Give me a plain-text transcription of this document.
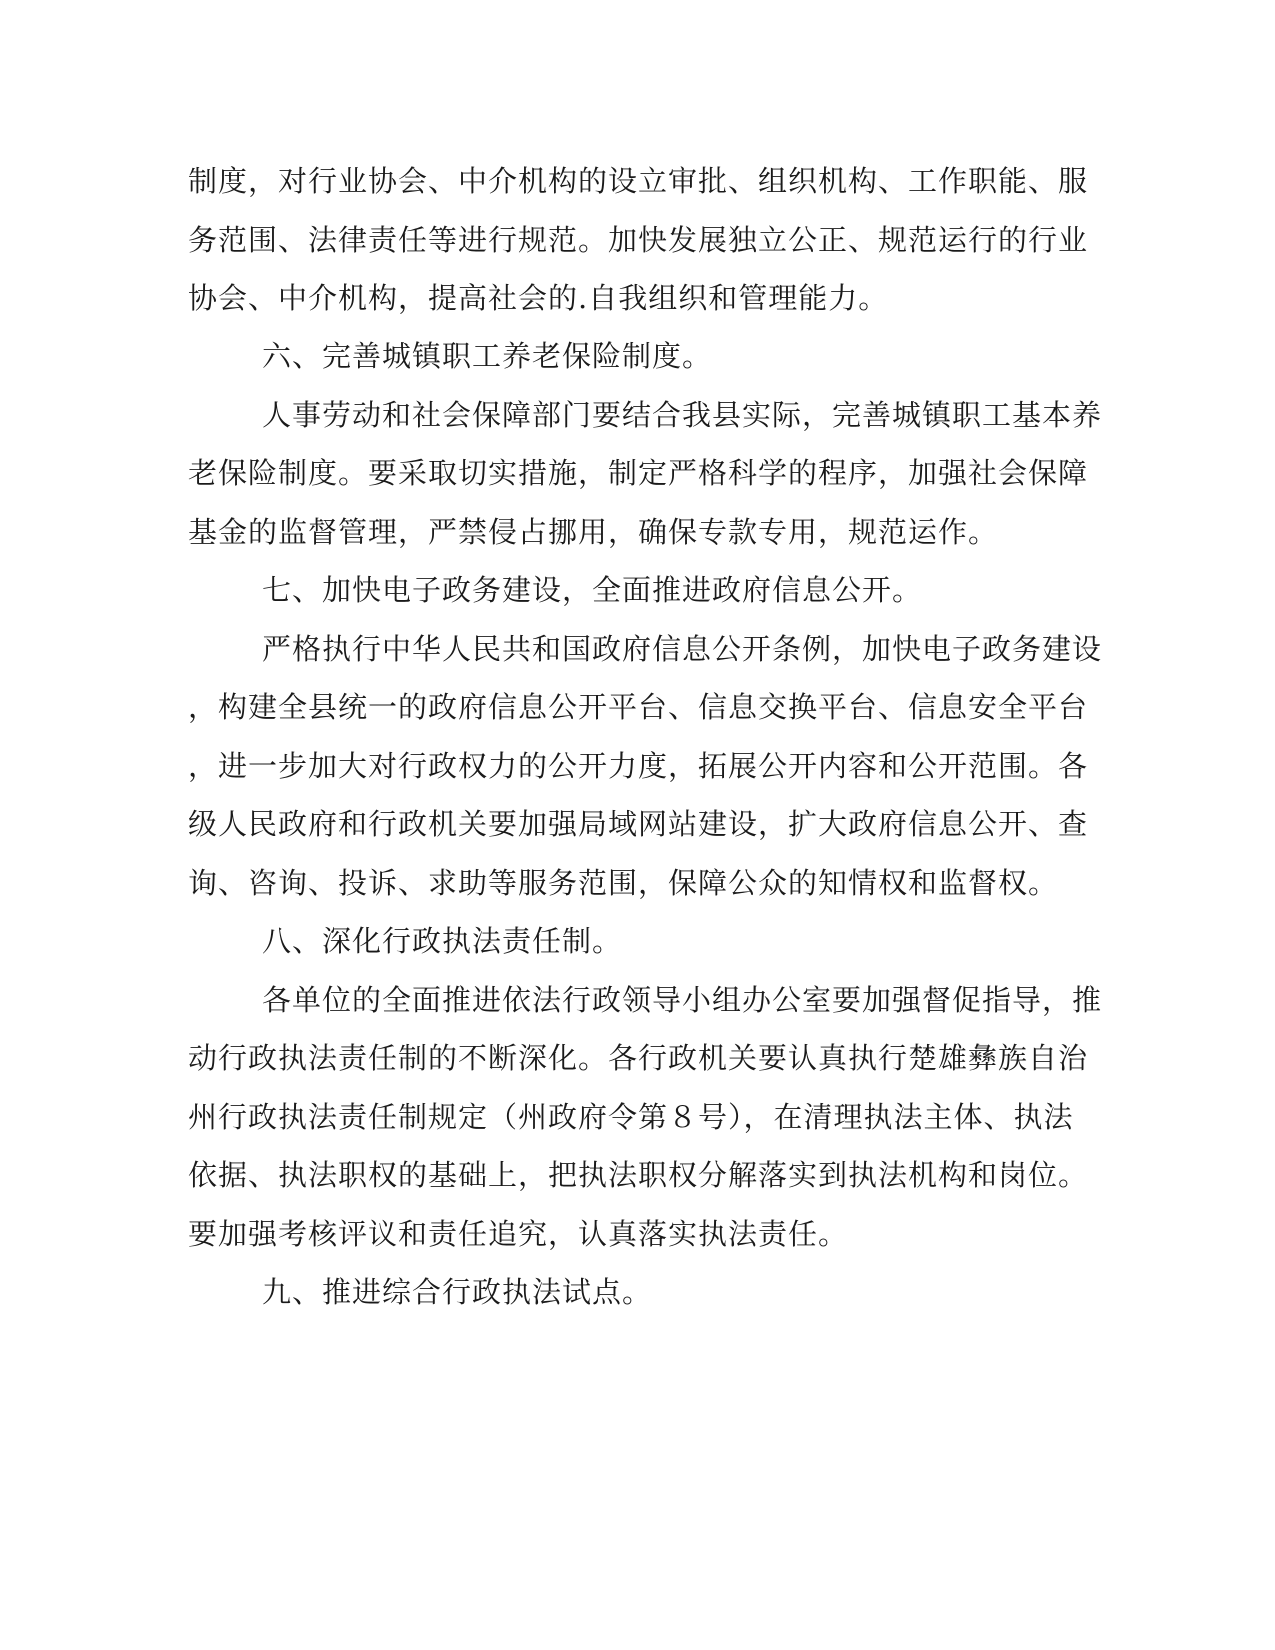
制度，对行业协会、中介机构的设立审批、组织机构、工作职能、服
务范围、法律责任等进行规范。加快发展独立公正、规范运行的行业
协会、中介机构，提高社会的.自我组织和管理能力。
六、完善城镇职工养老保险制度。
人事劳动和社会保障部门要结合我县实际，完善城镇职工基本养
老保险制度。要采取切实措施，制定严格科学的程序，加强社会保障
基金的监督管理，严禁侵占挪用，确保专款专用，规范运作。
七、加快电子政务建设，全面推进政府信息公开。
严格执行中华人民共和国政府信息公开条例，加快电子政务建设
，构建全县统一的政府信息公开平台、信息交换平台、信息安全平台
，进一步加大对行政权力的公开力度，拓展公开内容和公开范围。各
级人民政府和行政机关要加强局域网站建设，扩大政府信息公开、查
询、咨询、投诉、求助等服务范围，保障公众的知情权和监督权。
八、深化行政执法责任制。
各单位的全面推进依法行政领导小组办公室要加强督促指导，推
动行政执法责任制的不断深化。各行政机关要认真执行楚雄彝族自治
州行政执法责任制规定（州政府令第８号），在清理执法主体、执法
依据、执法职权的基础上，把执法职权分解落实到执法机构和岗位。
要加强考核评议和责任追究，认真落实执法责任。
九、推进综合行政执法试点。
